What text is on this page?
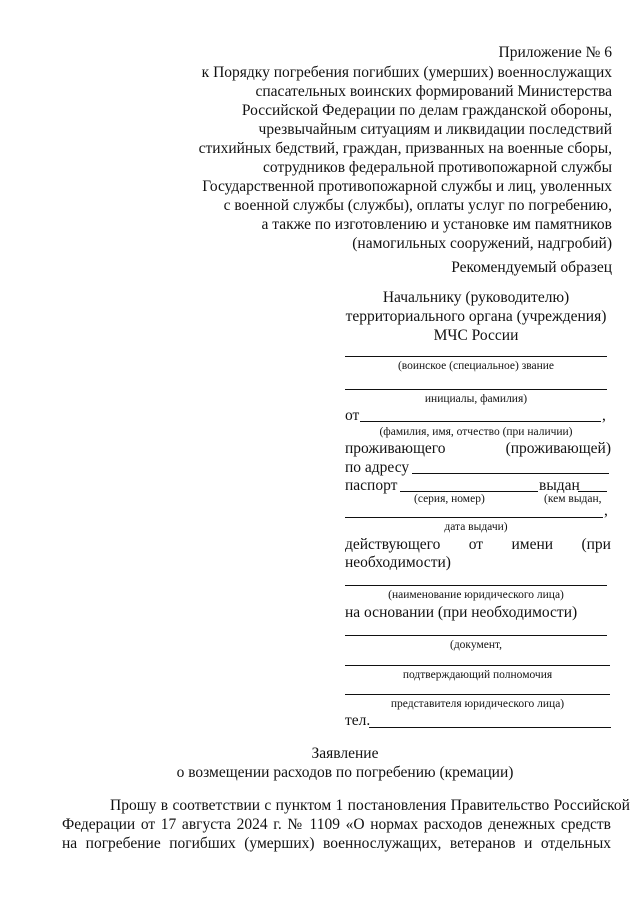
Приложение № 6
к Порядку погребения погибших (умерших) военнослужащих
спасательных воинских формирований Министерства
Российской Федерации по делам гражданской обороны,
чрезвычайным ситуациям и ликвидации последствий
стихийных бедствий, граждан, призванных на военные сборы,
сотрудников федеральной противопожарной службы
Государственной противопожарной службы и лиц, уволенных
с военной службы (службы), оплаты услуг по погребению,
а также по изготовлению и установке им памятников
(намогильных сооружений, надгробий)
Рекомендуемый образец
Начальнику (руководителю)
территориального органа (учреждения)
МЧС России
(воинское (специальное) звание
инициалы, фамилия)
от	,
(фамилия, имя, отчество (при наличии)
проживающего	(проживающей)
по адресу
паспорт	выдан
(серия, номер)	(кем выдан,
,
дата выдачи)
действующего от имени (при
необходимости)
(наименование юридического лица)
на основании (при необходимости)
(документ,
подтверждающий полномочия
представителя юридического лица)
тел.
Заявление
о возмещении расходов по погребению (кремации)
Прошу в соответствии с пунктом 1 постановления Правительство Российской
Федерации от 17 августа 2024 г. № 1109 «О нормах расходов денежных средств
на погребение погибших (умерших) военнослужащих, ветеранов и отдельных
